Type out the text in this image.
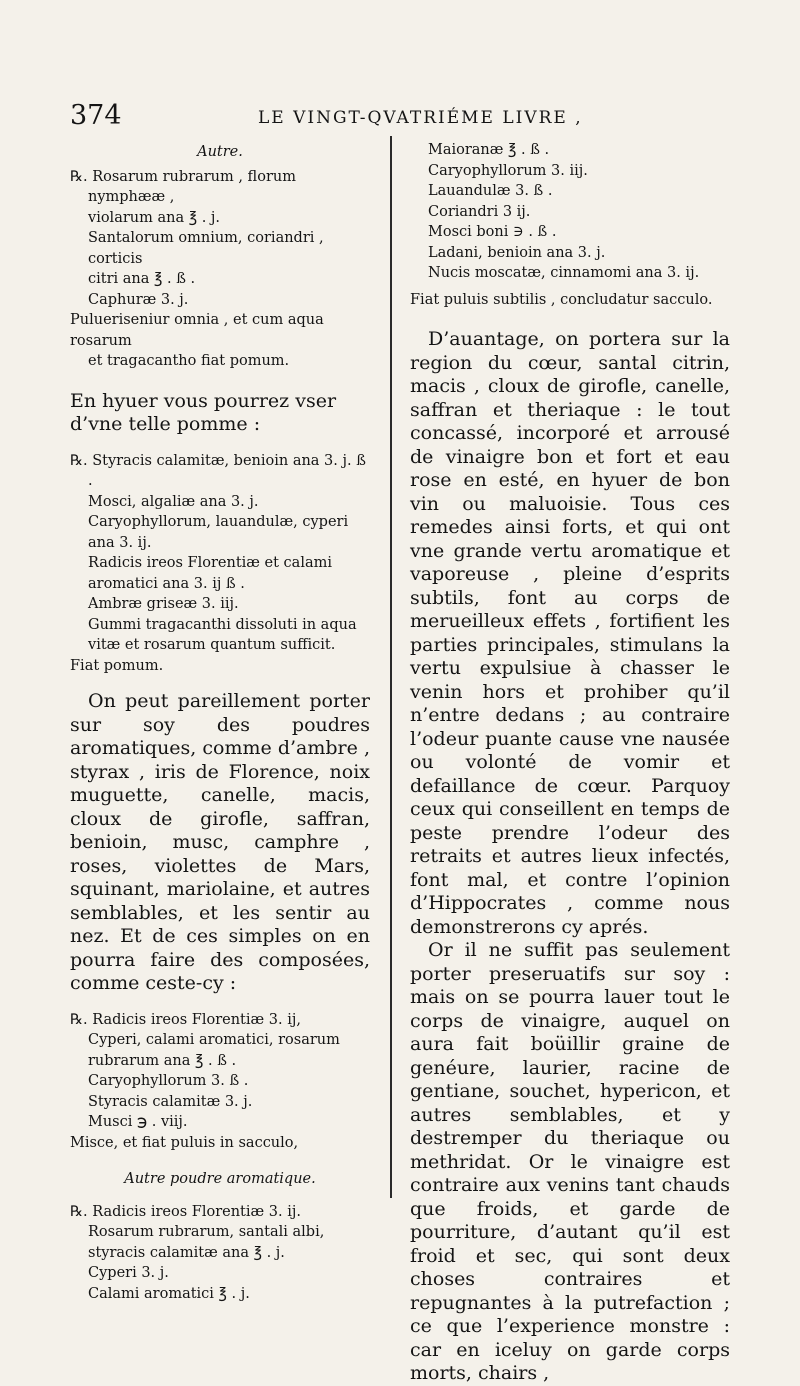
374	LE VINGT-QVATRIÉME LIVRE ,
Autre.

℞. Rosarum rubrarum , florum nymphææ ,

violarum ana ℥ . j.

Santalorum omnium, coriandri , corticis

citri ana ℥ . ß .

Caphuræ 3. j.

Pulueriseniur omnia , et cum aqua rosarum

et tragacantho fiat pomum.

En hyuer vous pourrez vser d’vne telle pomme :

℞. Styracis calamitæ, benioin ana 3. j. ß .

Mosci, algaliæ ana 3. j.

Caryophyllorum, lauandulæ, cyperi ana 3. ij.

Radicis ireos Florentiæ et calami aromatici ana 3. ij ß .

Ambræ griseæ 3. iij.

Gummi tragacanthi dissoluti in aqua vitæ et rosarum quantum sufficit.

Fiat pomum.

On peut pareillement porter sur soy des poudres aromatiques, comme d’ambre , styrax , iris de Florence, noix muguette, canelle, macis, cloux de girofle, saffran, benioin, musc, camphre , roses, violettes de Mars, squinant, mariolaine, et autres semblables, et les sentir au nez. Et de ces simples on en pourra faire des composées, comme ceste-cy :

℞. Radicis ireos Florentiæ 3. ij,

Cyperi, calami aromatici, rosarum rubrarum ana ℥ . ß .

Caryophyllorum 3. ß .

Styracis calamitæ 3. j.

Musci ℈ . viij.

Misce, et fiat puluis in sacculo,

Autre poudre aromatique.

℞. Radicis ireos Florentiæ 3. ij.

Rosarum rubrarum, santali albi, styracis calamitæ ana ℥ . j.

Cyperi 3. j.

Calami aromatici ℥ . j.

Maioranæ ℥ . ß .

Caryophyllorum 3. iij.

Lauandulæ 3. ß .

Coriandri 3 ij.

Mosci boni ∋ . ß .

Ladani, benioin ana 3. j.

Nucis moscatæ, cinnamomi ana 3. ij.

Fiat puluis subtilis , concludatur sacculo.

D’auantage, on portera sur la region du cœur, santal citrin, macis , cloux de girofle, canelle, saffran et theriaque : le tout concassé, incorporé et arrousé de vinaigre bon et fort et eau rose en esté, en hyuer de bon vin ou maluoisie. Tous ces remedes ainsi forts, et qui ont vne grande vertu aromatique et vaporeuse , pleine d’esprits subtils, font au corps de merueilleux effets , fortifient les parties principales, stimulans la vertu expulsiue à chasser le venin hors et prohiber qu’il n’entre dedans ; au contraire l’odeur puante cause vne nausée ou volonté de vomir et defaillance de cœur. Parquoy ceux qui conseillent en temps de peste prendre l’odeur des retraits et autres lieux infectés, font mal, et contre l’opinion d’Hippocrates , comme nous demonstrerons cy aprés.

Or il ne suffit pas seulement porter preseruatifs sur soy : mais on se pourra lauer tout le corps de vinaigre, auquel on aura fait boüillir graine de genéure, laurier, racine de gentiane, souchet, hypericon, et autres semblables, et y destremper du theriaque ou methridat. Or le vinaigre est contraire aux venins tant chauds que froids, et garde de pourriture, d’autant qu’il est froid et sec, qui sont deux choses contraires et repugnantes à la putrefaction ; ce que l’experience monstre : car en iceluy on garde corps morts, chairs ,
